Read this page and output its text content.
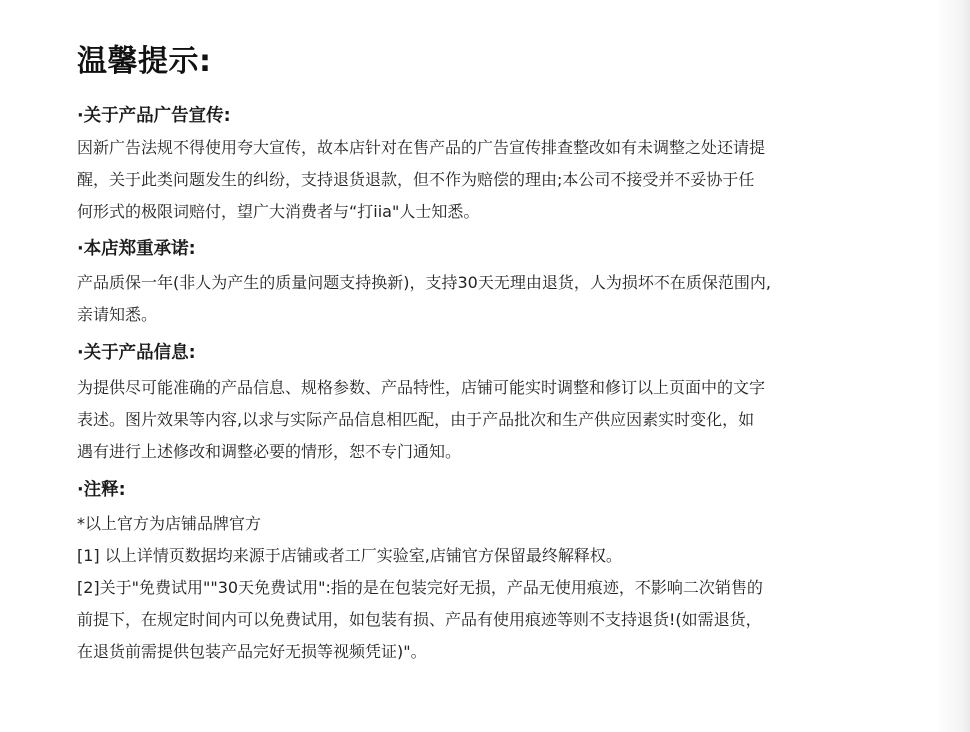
温馨提示:
·关于产品广告宣传:

因新广告法规不得使用夸大宣传，故本店针对在售产品的广告宣传排查整改如有未调整之处还请提
醒，关于此类问题发生的纠纷，支持退货退款，但不作为赔偿的理由;本公司不接受并不妥协于任
何形式的极限词赔付，望广大消费者与“打iia"人士知悉。

·本店郑重承诺:

产品质保一年(非人为产生的质量问题支持换新)，支持30天无理由退货，人为损坏不在质保范围内,
亲请知悉。

·关于产品信息:

为提供尽可能准确的产品信息、规格参数、产品特性，店铺可能实时调整和修订以上页面中的文字
表述。图片效果等内容,以求与实际产品信息相匹配，由于产品批次和生产供应因素实时变化，如
遇有进行上述修改和调整必要的情形，恕不专门通知。

·注释:

*以上官方为店铺品牌官方
[1] 以上详情页数据均来源于店铺或者工厂实验室,店铺官方保留最终解释权。
[2]关于"免费试用""30天免费试用":指的是在包装完好无损，产品无使用痕迹，不影响二次销售的
前提下，在规定时间内可以免费试用，如包装有损、产品有使用痕迹等则不支持退货!(如需退货，
在退货前需提供包装产品完好无损等视频凭证)"。
